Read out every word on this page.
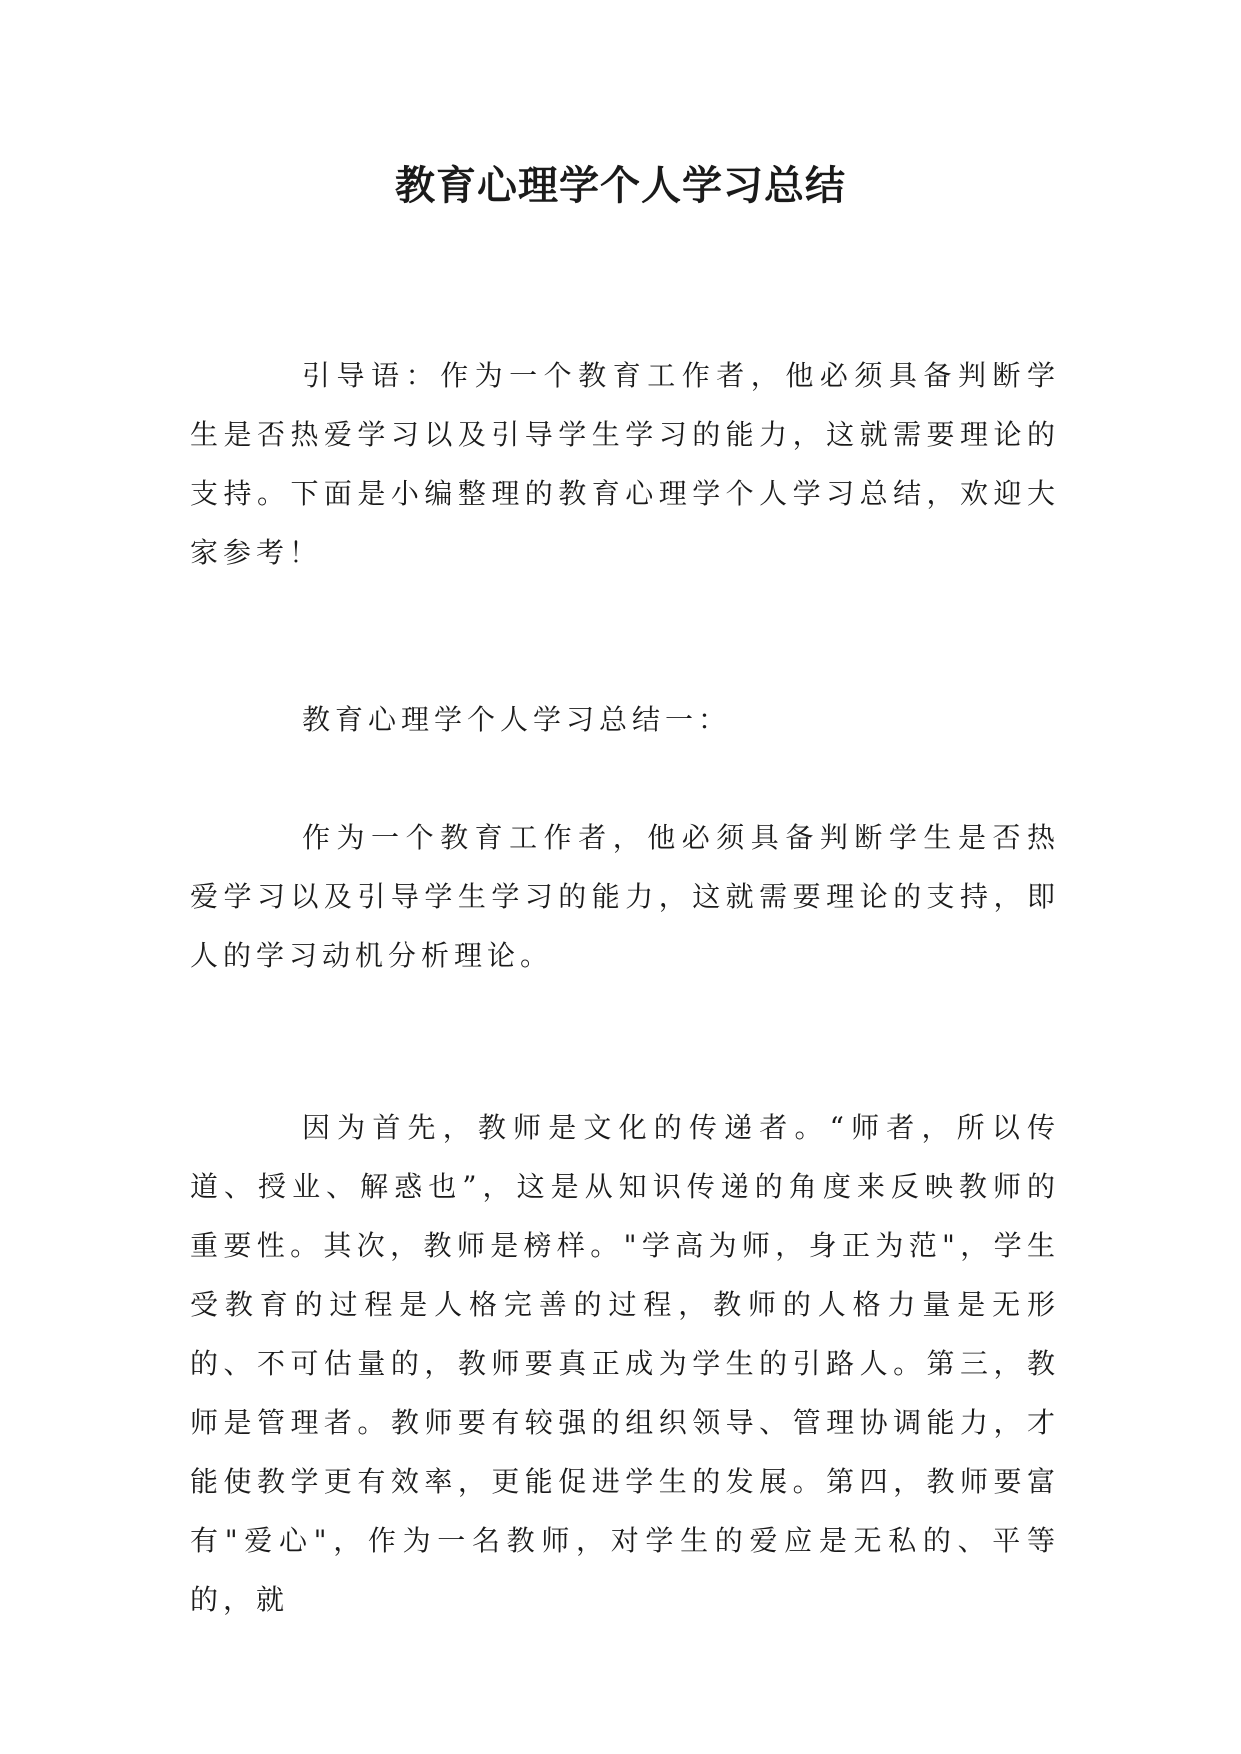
教育心理学个人学习总结

引导语：作为一个教育工作者，他必须具备判断学生是否热爱学习以及引导学生学习的能力，这就需要理论的支持。下面是小编整理的教育心理学个人学习总结，欢迎大家参考！

教育心理学个人学习总结一：

作为一个教育工作者，他必须具备判断学生是否热爱学习以及引导学生学习的能力，这就需要理论的支持，即人的学习动机分析理论。

因为首先，教师是文化的传递者。“师者，所以传道、授业、解惑也”，这是从知识传递的角度来反映教师的重要性。其次，教师是榜样。"学高为师，身正为范"，学生受教育的过程是人格完善的过程，教师的人格力量是无形的、不可估量的，教师要真正成为学生的引路人。第三，教师是管理者。教师要有较强的组织领导、管理协调能力，才能使教学更有效率，更能促进学生的发展。第四，教师要富有"爱心"，作为一名教师，对学生的爱应是无私的、平等的，就
